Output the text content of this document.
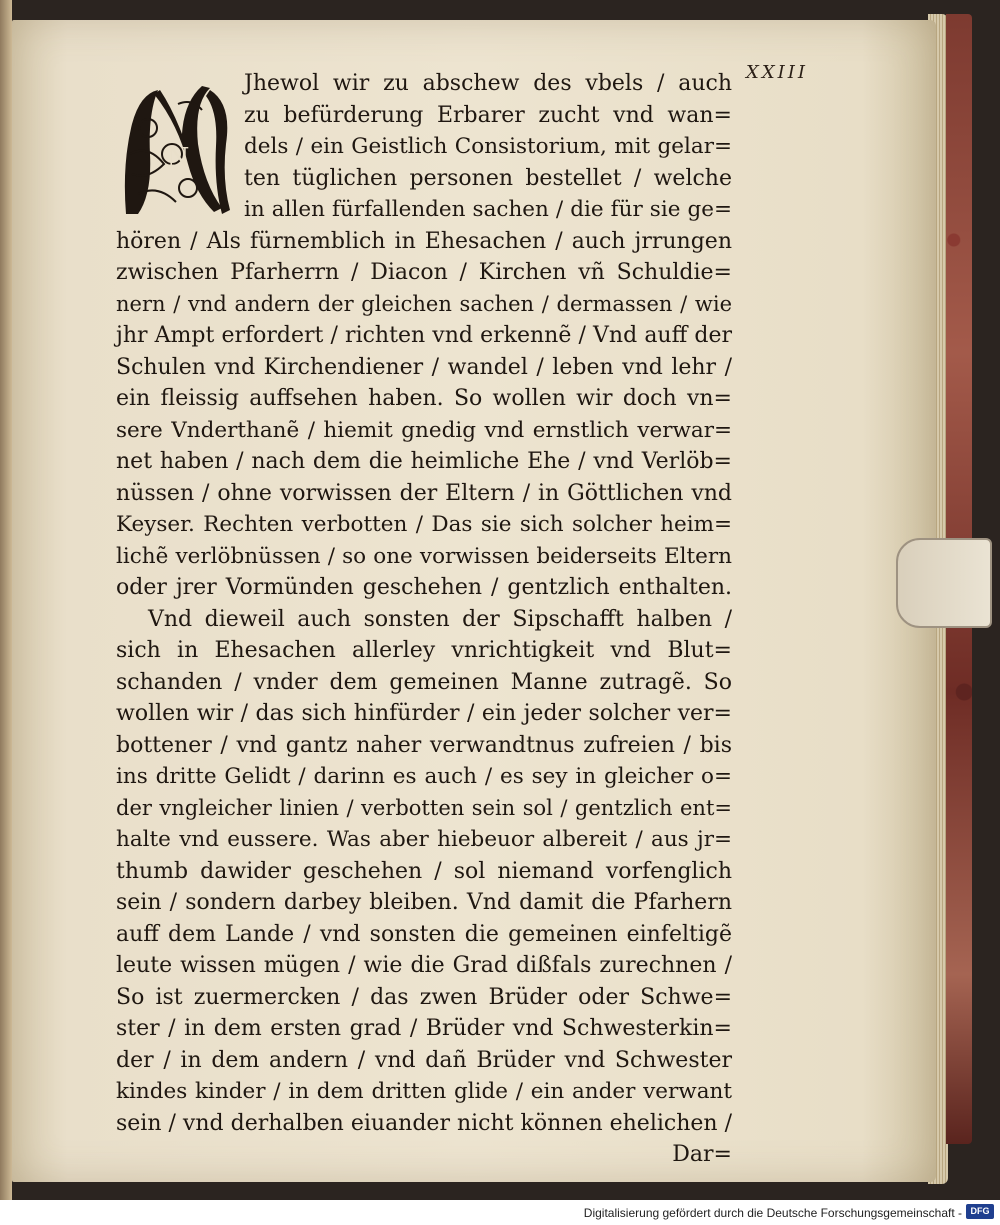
XXIII
N
Jhewol wir zu abschew des vbels / auch
zu befürderung Erbarer zucht vnd wan=
dels / ein Geistlich Consistorium, mit gelar=
ten tüglichen personen bestellet / welche
in allen fürfallenden sachen / die für sie ge=
hören / Als fürnemblich in Ehesachen / auch jrrungen
zwischen Pfarherrn / Diacon / Kirchen vñ Schuldie=
nern / vnd andern der gleichen sachen / dermassen / wie
jhr Ampt erfordert / richten vnd erkennẽ / Vnd auff der
Schulen vnd Kirchendiener / wandel / leben vnd lehr /
ein fleissig auffsehen haben. So wollen wir doch vn=
sere Vnderthanẽ / hiemit gnedig vnd ernstlich verwar=
net haben / nach dem die heimliche Ehe / vnd Verlöb=
nüssen / ohne vorwissen der Eltern / in Göttlichen vnd
Keyser. Rechten verbotten / Das sie sich solcher heim=
lichẽ verlöbnüssen / so one vorwissen beiderseits Eltern
oder jrer Vormünden geschehen / gentzlich enthalten.
Vnd dieweil auch sonsten der Sipschafft halben /
sich in Ehesachen allerley vnrichtigkeit vnd Blut=
schanden / vnder dem gemeinen Manne zutragẽ. So
wollen wir / das sich hinfürder / ein jeder solcher ver=
bottener / vnd gantz naher verwandtnus zufreien / bis
ins dritte Gelidt / darinn es auch / es sey in gleicher o=
der vngleicher linien / verbotten sein sol / gentzlich ent=
halte vnd eussere. Was aber hiebeuor albereit / aus jr=
thumb dawider geschehen / sol niemand vorfenglich
sein / sondern darbey bleiben. Vnd damit die Pfarhern
auff dem Lande / vnd sonsten die gemeinen einfeltigẽ
leute wissen mügen / wie die Grad dißfals zurechnen /
So ist zuermercken / das zwen Brüder oder Schwe=
ster / in dem ersten grad / Brüder vnd Schwesterkin=
der / in dem andern / vnd dañ Brüder vnd Schwester
kindes kinder / in dem dritten glide / ein ander verwant
sein / vnd derhalben eiuander nicht können ehelichen /
Dar=
Digitalisierung gefördert durch die Deutsche Forschungsgemeinschaft - DFG
